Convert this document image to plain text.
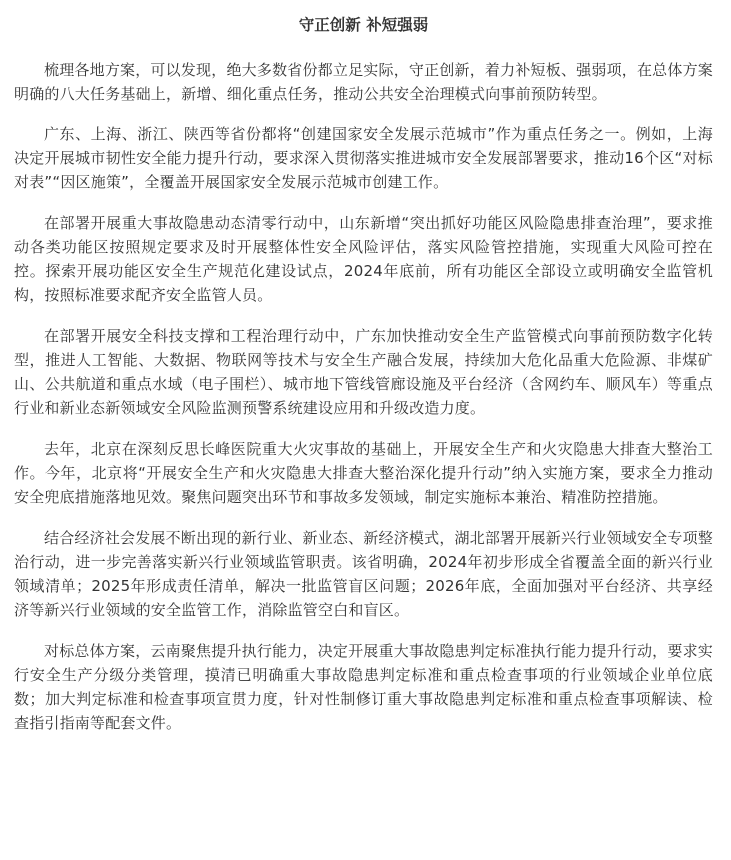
守正创新 补短强弱

梳理各地方案，可以发现，绝大多数省份都立足实际，守正创新，着力补短板、强弱项，在总体方案明确的八大任务基础上，新增、细化重点任务，推动公共安全治理模式向事前预防转型。

广东、上海、浙江、陕西等省份都将“创建国家安全发展示范城市”作为重点任务之一。例如，上海决定开展城市韧性安全能力提升行动，要求深入贯彻落实推进城市安全发展部署要求，推动16个区“对标对表”“因区施策”，全覆盖开展国家安全发展示范城市创建工作。

在部署开展重大事故隐患动态清零行动中，山东新增“突出抓好功能区风险隐患排查治理”，要求推动各类功能区按照规定要求及时开展整体性安全风险评估，落实风险管控措施，实现重大风险可控在控。探索开展功能区安全生产规范化建设试点，2024年底前，所有功能区全部设立或明确安全监管机构，按照标准要求配齐安全监管人员。

在部署开展安全科技支撑和工程治理行动中，广东加快推动安全生产监管模式向事前预防数字化转型，推进人工智能、大数据、物联网等技术与安全生产融合发展，持续加大危化品重大危险源、非煤矿山、公共航道和重点水域（电子围栏）、城市地下管线管廊设施及平台经济（含网约车、顺风车）等重点行业和新业态新领域安全风险监测预警系统建设应用和升级改造力度。

去年，北京在深刻反思长峰医院重大火灾事故的基础上，开展安全生产和火灾隐患大排查大整治工作。今年，北京将“开展安全生产和火灾隐患大排查大整治深化提升行动”纳入实施方案，要求全力推动安全兜底措施落地见效。聚焦问题突出环节和事故多发领域，制定实施标本兼治、精准防控措施。

结合经济社会发展不断出现的新行业、新业态、新经济模式，湖北部署开展新兴行业领域安全专项整治行动，进一步完善落实新兴行业领域监管职责。该省明确，2024年初步形成全省覆盖全面的新兴行业领域清单；2025年形成责任清单，解决一批监管盲区问题；2026年底，全面加强对平台经济、共享经济等新兴行业领域的安全监管工作，消除监管空白和盲区。

对标总体方案，云南聚焦提升执行能力，决定开展重大事故隐患判定标准执行能力提升行动，要求实行安全生产分级分类管理，摸清已明确重大事故隐患判定标准和重点检查事项的行业领域企业单位底数；加大判定标准和检查事项宣贯力度，针对性制修订重大事故隐患判定标准和重点检查事项解读、检查指引指南等配套文件。
